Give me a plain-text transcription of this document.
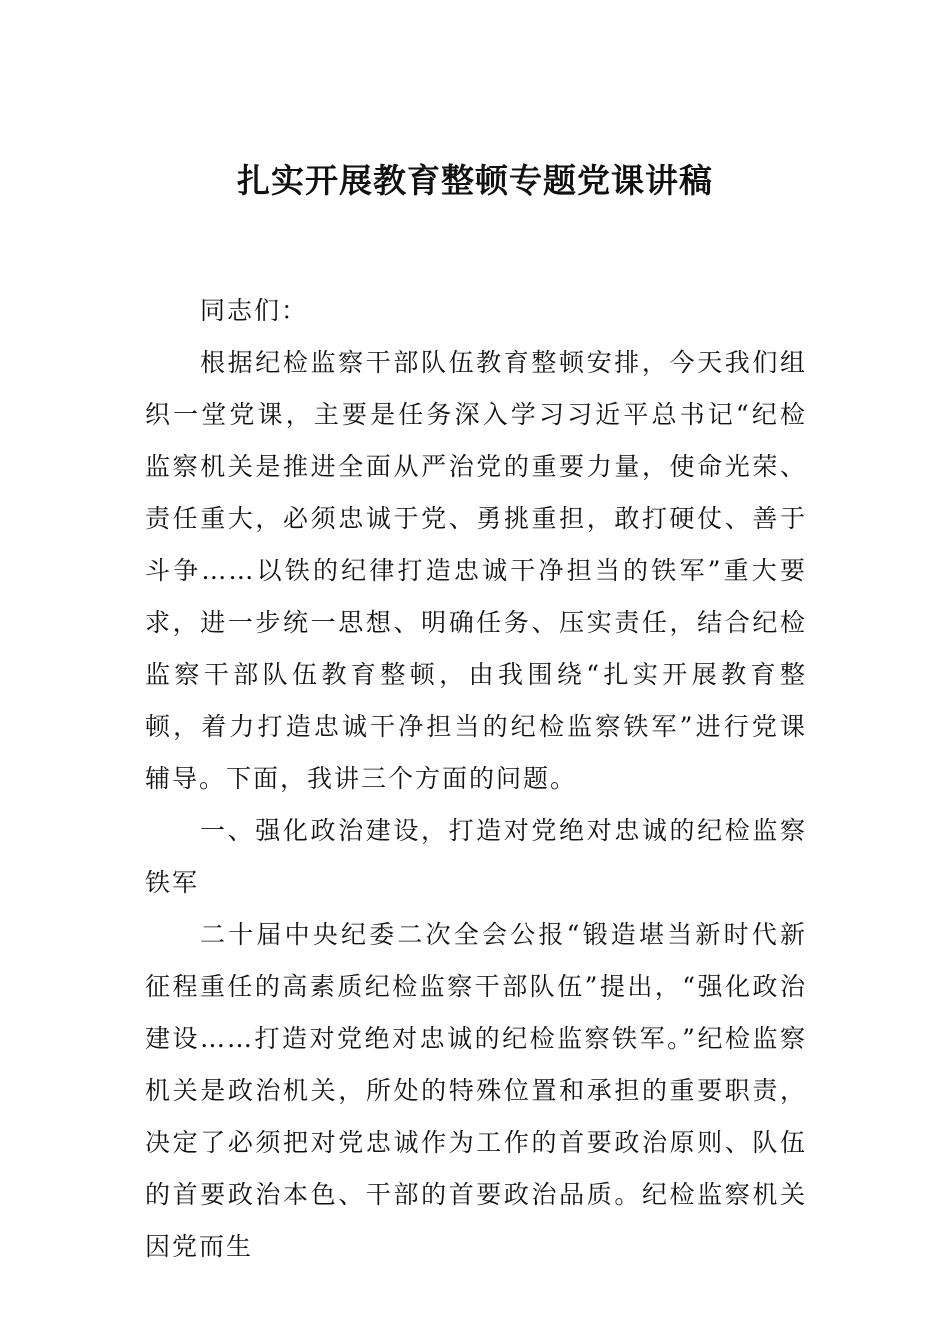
扎实开展教育整顿专题党课讲稿

同志们：

根据纪检监察干部队伍教育整顿安排，今天我们组织一堂党课，主要是任务深入学习习近平总书记“纪检监察机关是推进全面从严治党的重要力量，使命光荣、责任重大，必须忠诚于党、勇挑重担，敢打硬仗、善于斗争……以铁的纪律打造忠诚干净担当的铁军”重大要求，进一步统一思想、明确任务、压实责任，结合纪检监察干部队伍教育整顿，由我围绕“扎实开展教育整顿，着力打造忠诚干净担当的纪检监察铁军”进行党课辅导。下面，我讲三个方面的问题。

一、强化政治建设，打造对党绝对忠诚的纪检监察铁军

二十届中央纪委二次全会公报“锻造堪当新时代新征程重任的高素质纪检监察干部队伍”提出，“强化政治建设……打造对党绝对忠诚的纪检监察铁军。”纪检监察机关是政治机关，所处的特殊位置和承担的重要职责，决定了必须把对党忠诚作为工作的首要政治原则、队伍的首要政治本色、干部的首要政治品质。纪检监察机关因党而生
